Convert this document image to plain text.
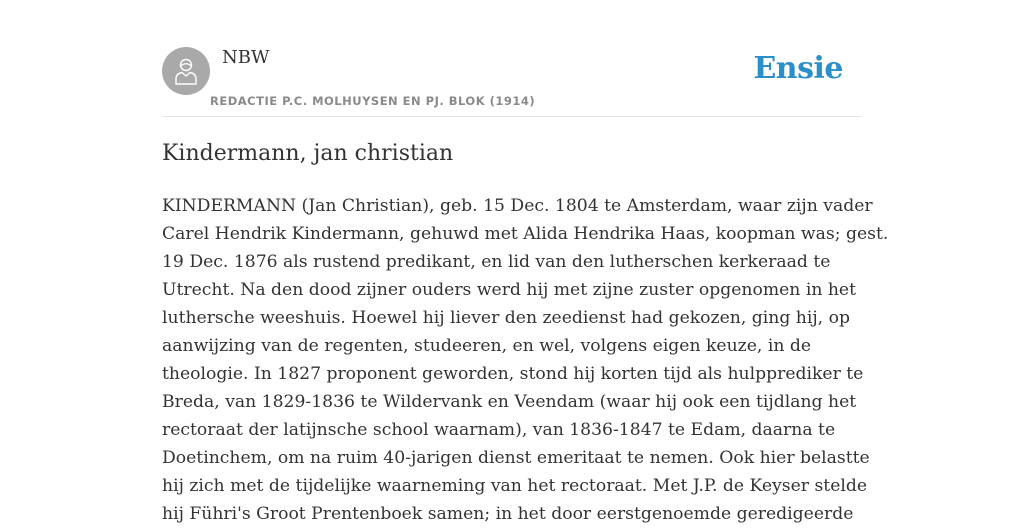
NBW
REDACTIE P.C. MOLHUYSEN EN PJ. BLOK (1914)
Ensie
Kindermann, jan christian

KINDERMANN (Jan Christian), geb. 15 Dec. 1804 te Amsterdam, waar zijn vader
Carel Hendrik Kindermann, gehuwd met Alida Hendrika Haas, koopman was; gest.
19 Dec. 1876 als rustend predikant, en lid van den lutherschen kerkeraad te
Utrecht. Na den dood zijner ouders werd hij met zijne zuster opgenomen in het
luthersche weeshuis. Hoewel hij liever den zeedienst had gekozen, ging hij, op
aanwijzing van de regenten, studeeren, en wel, volgens eigen keuze, in de
theologie. In 1827 proponent geworden, stond hij korten tijd als hulpprediker te
Breda, van 1829-1836 te Wildervank en Veendam (waar hij ook een tijdlang het
rectoraat der latijnsche school waarnam), van 1836-1847 te Edam, daarna te
Doetinchem, om na ruim 40-jarigen dienst emeritaat te nemen. Ook hier belastte
hij zich met de tijdelijke waarneming van het rectoraat. Met J.P. de Keyser stelde
hij Führi's Groot Prentenboek samen; in het door eerstgenoemde geredigeerde
